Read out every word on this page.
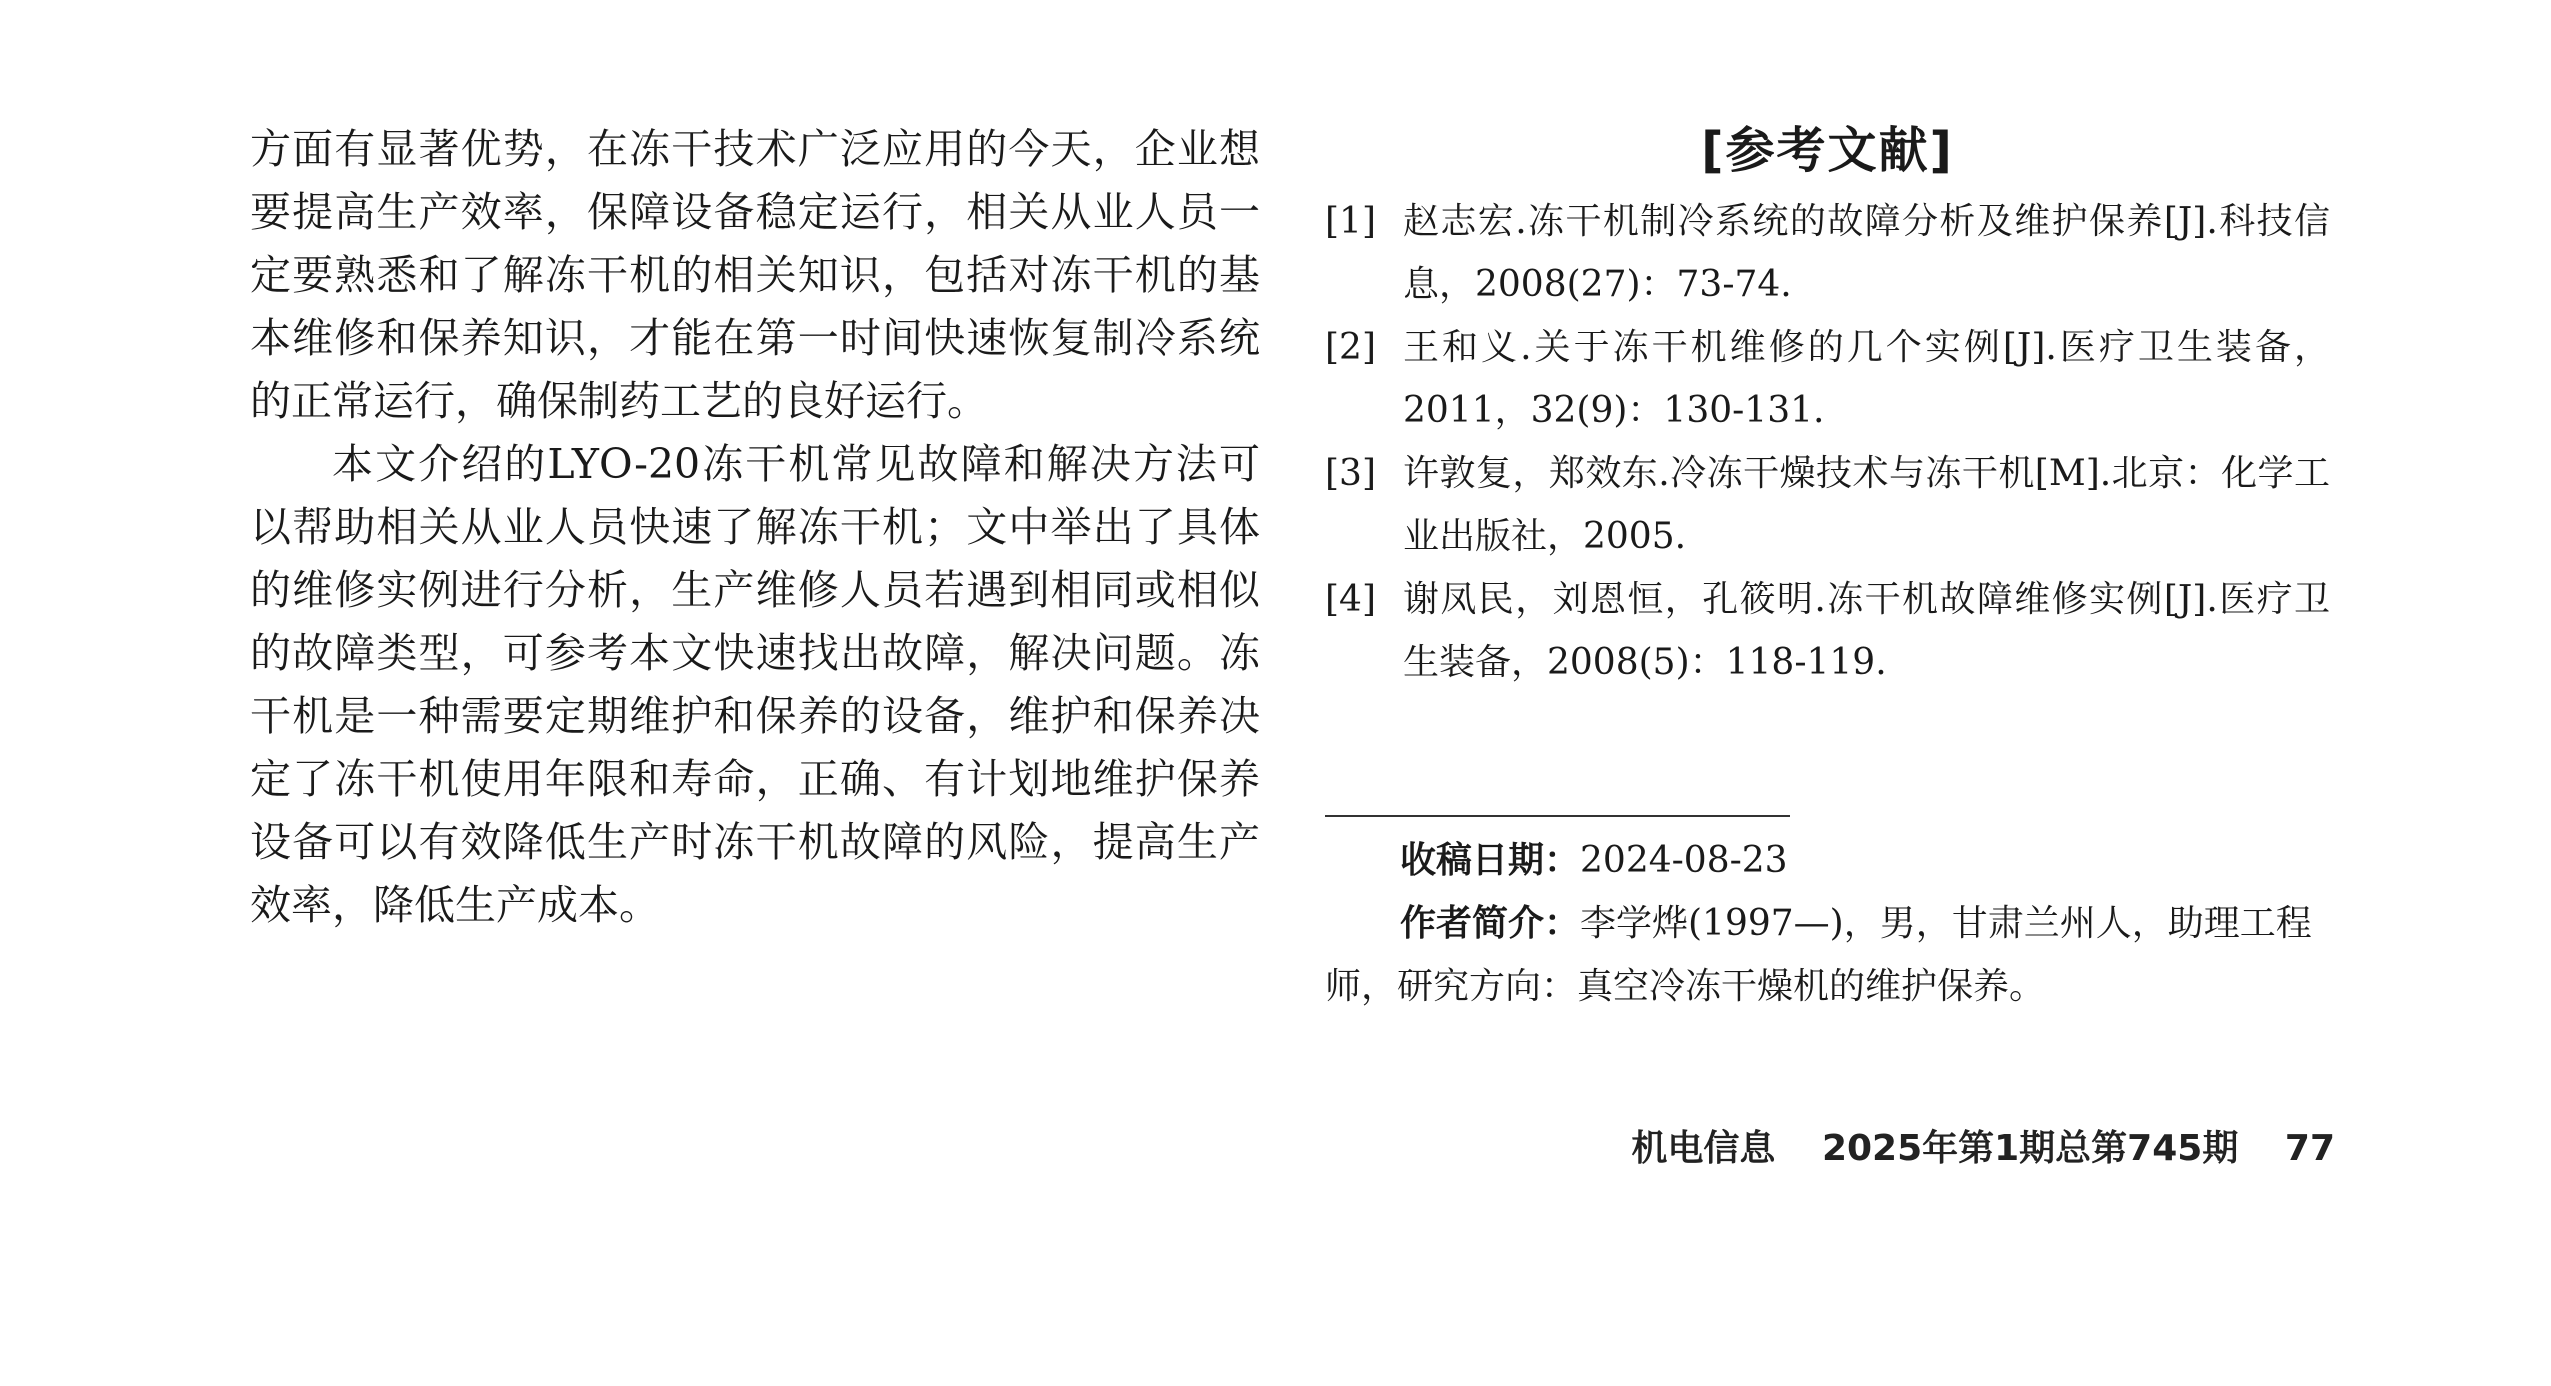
方面有显著优势，在冻干技术广泛应用的今天，企业想要提高生产效率，保障设备稳定运行，相关从业人员一定要熟悉和了解冻干机的相关知识，包括对冻干机的基本维修和保养知识，才能在第一时间快速恢复制冷系统的正常运行，确保制药工艺的良好运行。

本文介绍的LYO-20冻干机常见故障和解决方法可以帮助相关从业人员快速了解冻干机；文中举出了具体的维修实例进行分析，生产维修人员若遇到相同或相似的故障类型，可参考本文快速找出故障，解决问题。冻干机是一种需要定期维护和保养的设备，维护和保养决定了冻干机使用年限和寿命，正确、有计划地维护保养设备可以有效降低生产时冻干机故障的风险，提高生产效率，降低生产成本。

[参考文献]
[1] 赵志宏.冻干机制冷系统的故障分析及维护保养[J].科技信息，2008(27)：73-74.
[2] 王和义.关于冻干机维修的几个实例[J].医疗卫生装备，2011，32(9)：130-131.
[3] 许敦复，郑效东.冷冻干燥技术与冻干机[M].北京：化学工业出版社，2005.
[4] 谢凤民，刘恩恒，孔筱明.冻干机故障维修实例[J].医疗卫生装备，2008(5)：118-119.

收稿日期：2024-08-23

作者简介：李学烨(1997—)，男，甘肃兰州人，助理工程

师，研究方向：真空冷冻干燥机的维护保养。

机电信息 2025年第1期总第745期 77
